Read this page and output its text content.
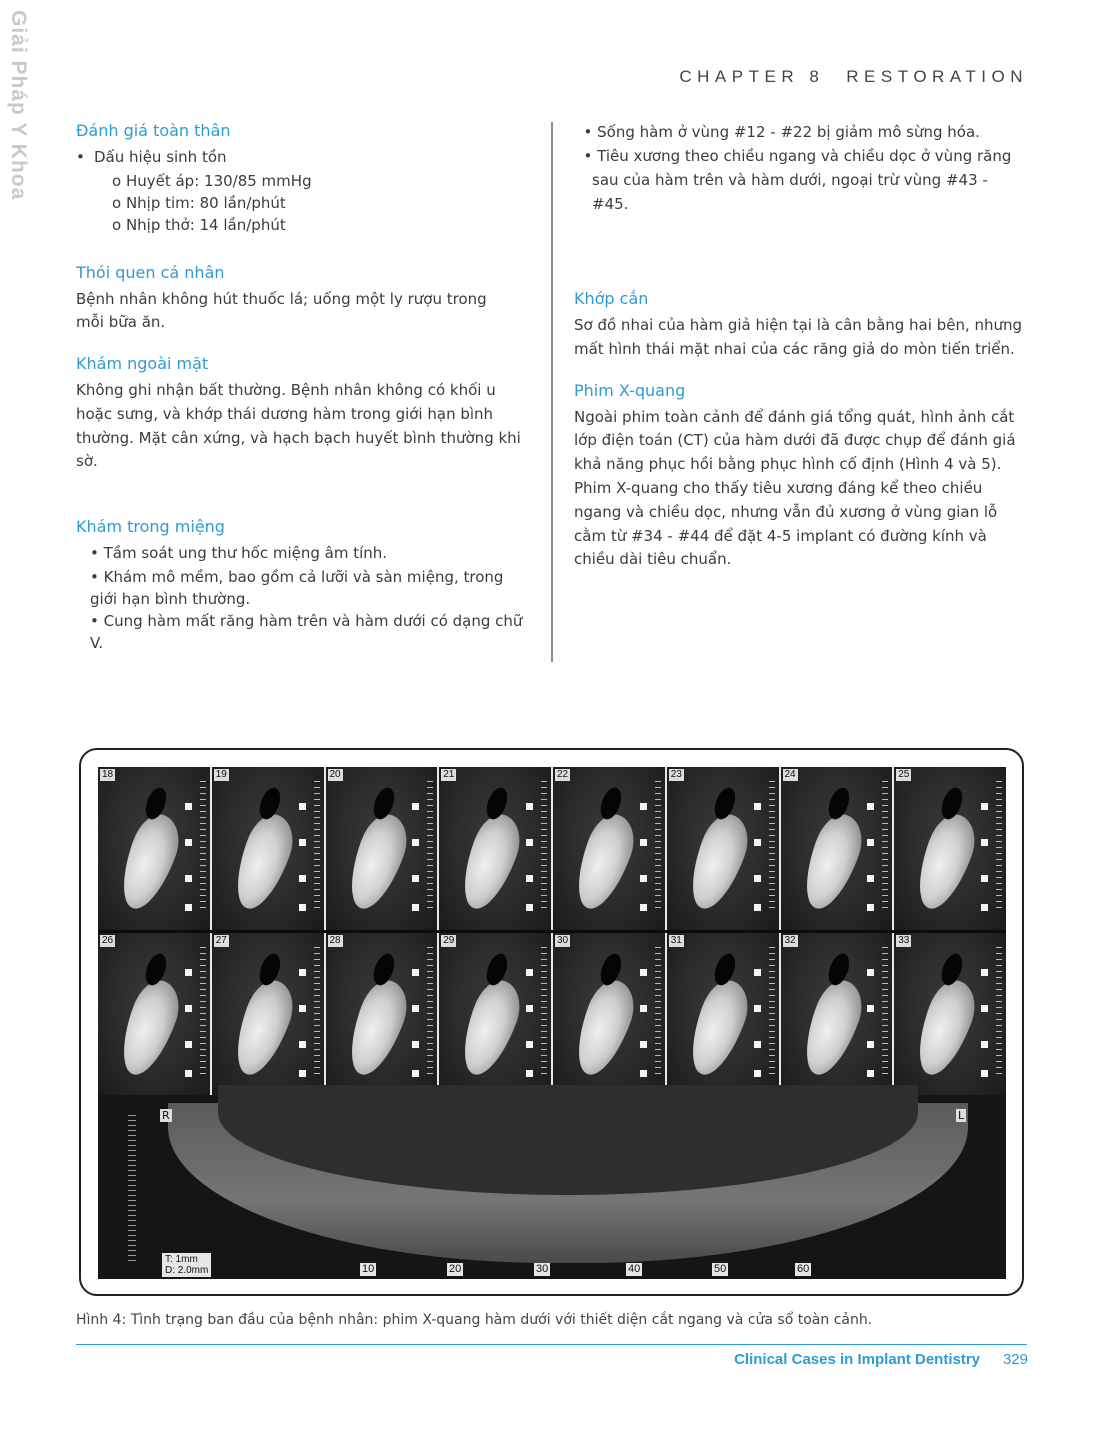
Giải Pháp Y Khoa	CHAPTER 8 RESTORATION
Đánh giá toàn thân
• Dấu hiệu sinh tồn
o Huyết áp: 130/85 mmHg
o Nhịp tim: 80 lần/phút
o Nhịp thở: 14 lần/phút
Thói quen cá nhân

Bệnh nhân không hút thuốc lá; uống một ly rượu trong mỗi bữa ăn.

Khám ngoài mặt

Không ghi nhận bất thường. Bệnh nhân không có khối u hoặc sưng, và khớp thái dương hàm trong giới hạn bình thường. Mặt cân xứng, và hạch bạch huyết bình thường khi sờ.

Khám trong miệng
• Tầm soát ung thư hốc miệng âm tính.
• Khám mô mềm, bao gồm cả lưỡi và sàn miệng, trong giới hạn bình thường.
• Cung hàm mất răng hàm trên và hàm dưới có dạng chữ V.
• Sống hàm ở vùng #12 - #22 bị giảm mô sừng hóa.
• Tiêu xương theo chiều ngang và chiều dọc ở vùng răng sau của hàm trên và hàm dưới, ngoại trừ vùng #43 - #45.
Khớp cắn

Sơ đồ nhai của hàm giả hiện tại là cân bằng hai bên, nhưng mất hình thái mặt nhai của các răng giả do mòn tiến triển.

Phim X-quang

Ngoài phim toàn cảnh để đánh giá tổng quát, hình ảnh cắt lớp điện toán (CT) của hàm dưới đã được chụp để đánh giá khả năng phục hồi bằng phục hình cố định (Hình 4 và 5). Phim X-quang cho thấy tiêu xương đáng kể theo chiều ngang và chiều dọc, nhưng vẫn đủ xương ở vùng gian lỗ cằm từ #34 - #44 để đặt 4-5 implant có đường kính và chiều dài tiêu chuẩn.

18	19	20	21	22	23	24	25
26	27	28	29	30	31	32	33
R	L
10	20	30	40	50	60
T: 1mm
D: 2.0mm
Hình 4: Tình trạng ban đầu của bệnh nhân: phim X-quang hàm dưới với thiết diện cắt ngang và cửa sổ toàn cảnh.
Clinical Cases in Implant Dentistry 329
